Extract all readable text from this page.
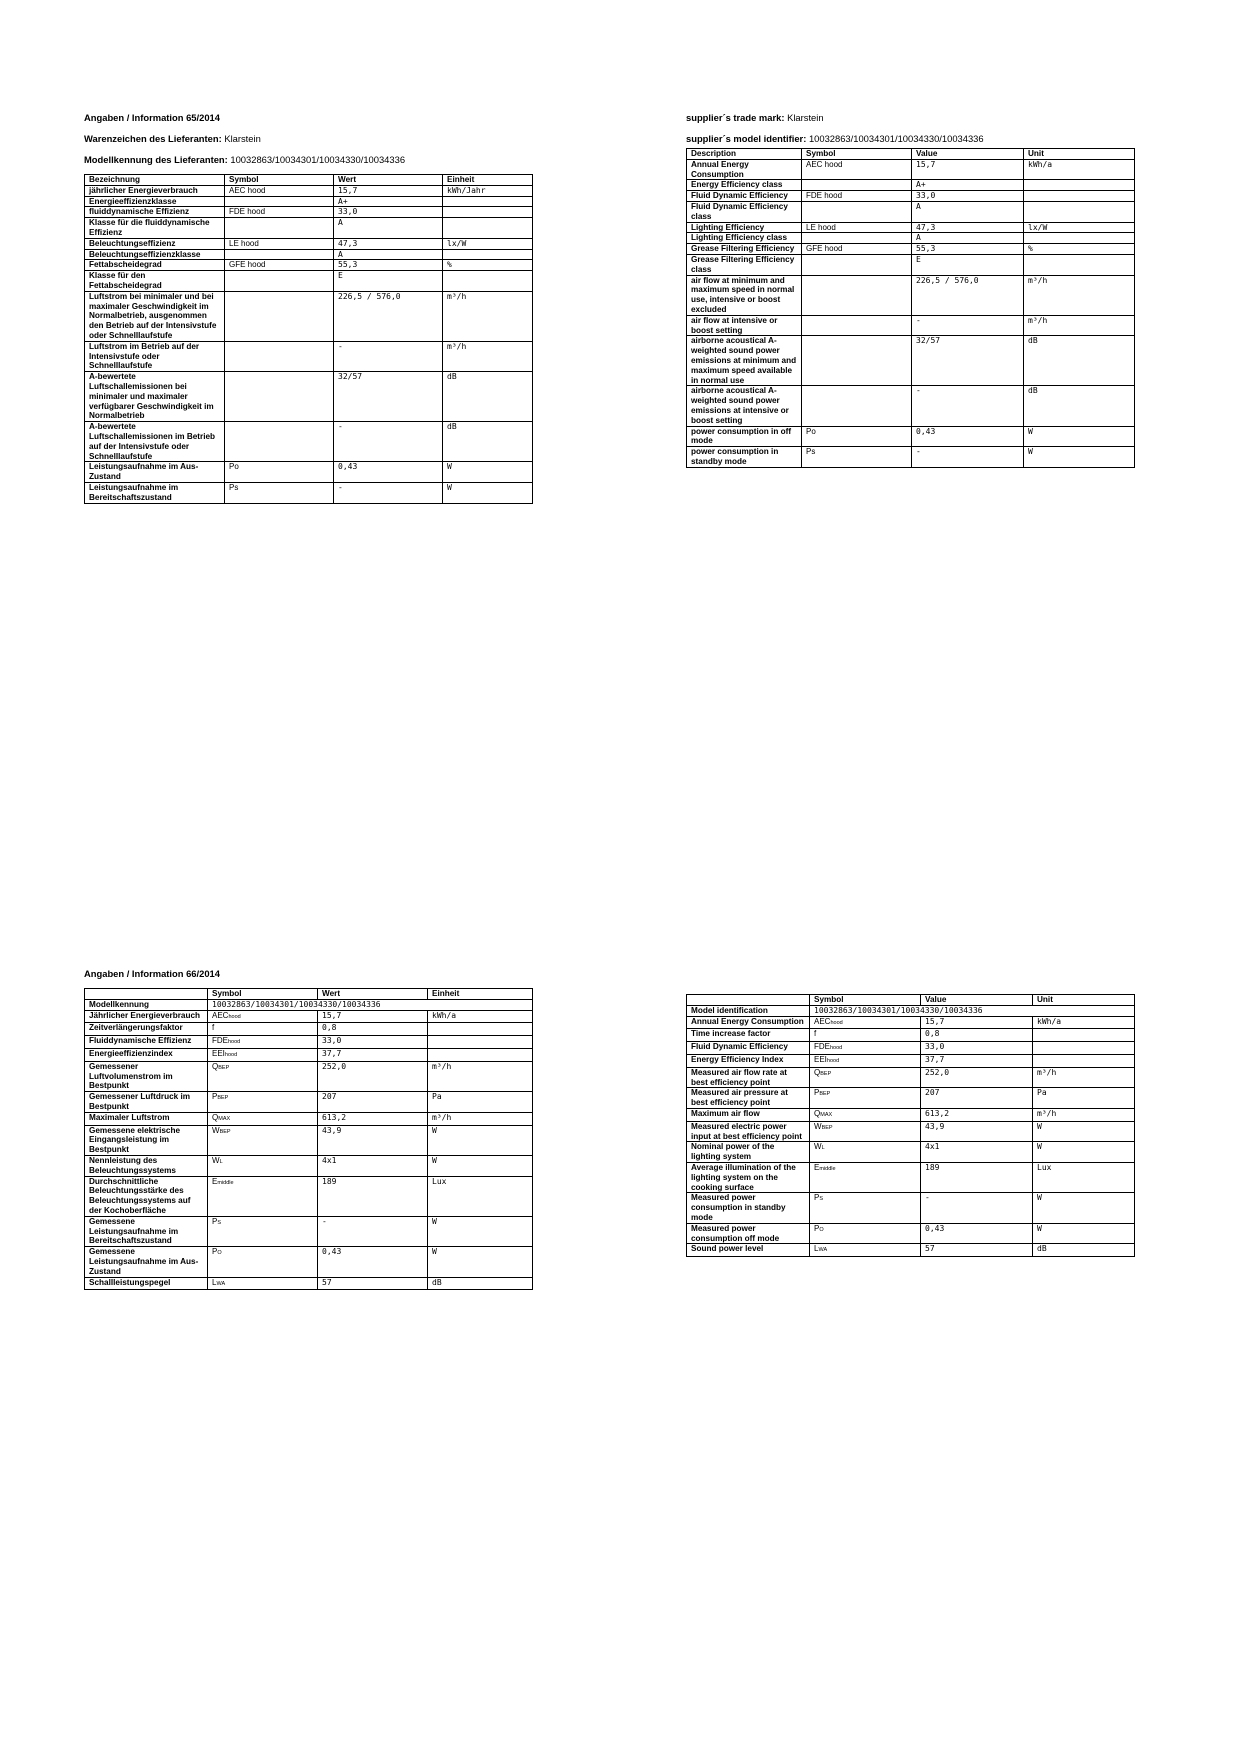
Angaben / Information 65/2014
Warenzeichen des Lieferanten: Klarstein
Modellkennung des Lieferanten: 10032863/10034301/10034330/10034336
Bezeichnung	Symbol	Wert	Einheit
jährlicher Energieverbrauch	AEC hood	15,7	kWh/Jahr
Energieeffizienzklasse		A+	
fluiddynamische Effizienz	FDE hood	33,0	
Klasse für die fluiddynamische Effizienz		A	
Beleuchtungseffizienz	LE hood	47,3	lx/W
Beleuchtungseffizienzklasse		A	
Fettabscheidegrad	GFE hood	55,3	%
Klasse für den Fettabscheidegrad		E	
Luftstrom bei minimaler und bei maximaler Geschwindigkeit im Normalbetrieb, ausgenommen den Betrieb auf der Intensivstufe oder Schnelllaufstufe		226,5 / 576,0	m³/h
Luftstrom im Betrieb auf der Intensivstufe oder Schnelllaufstufe		-	m³/h
A-bewertete Luftschallemissionen bei minimaler und maximaler verfügbarer Geschwindigkeit im Normalbetrieb		32/57	dB
A-bewertete Luftschallemissionen im Betrieb auf der Intensivstufe oder Schnelllaufstufe		-	dB
Leistungsaufnahme im Aus-Zustand	Po	0,43	W
Leistungsaufnahme im Bereitschaftszustand	Ps	-	W
supplier´s trade mark: Klarstein
supplier´s model identifier: 10032863/10034301/10034330/10034336
Description	Symbol	Value	Unit
Annual Energy Consumption	AEC hood	15,7	kWh/a
Energy Efficiency class		A+	
Fluid Dynamic Efficiency	FDE hood	33,0	
Fluid Dynamic Efficiency class		A	
Lighting Efficiency	LE hood	47,3	lx/W
Lighting Efficiency class		A	
Grease Filtering Efficiency	GFE hood	55,3	%
Grease Filtering Efficiency class		E	
air flow at minimum and maximum speed in normal use, intensive or boost excluded		226,5 / 576,0	m³/h
air flow at intensive or boost setting		-	m³/h
airborne acoustical A-weighted sound power emissions at minimum and maximum speed available in normal use		32/57	dB
airborne acoustical A-weighted sound power emissions at intensive or boost setting		-	dB
power consumption in off mode	Po	0,43	W
power consumption in standby mode	Ps	-	W
Angaben / Information 66/2014
	Symbol	Wert	Einheit
Modellkennung	10032863/10034301/10034330/10034336		
Jährlicher Energieverbrauch	AEChood	15,7	kWh/a
Zeitverlängerungsfaktor	f	0,8	
Fluiddynamische Effizienz	FDEhood	33,0	
Energieeffizienzindex	EEIhood	37,7	
Gemessener Luftvolumenstrom im Bestpunkt	QBEP	252,0	m³/h
Gemessener Luftdruck im Bestpunkt	PBEP	207	Pa
Maximaler Luftstrom	QMAX	613,2	m³/h
Gemessene elektrische Eingangsleistung im Bestpunkt	WBEP	43,9	W
Nennleistung des Beleuchtungssystems	WL	4x1	W
Durchschnittliche Beleuchtungsstärke des Beleuchtungssystems auf der Kochoberfläche	Emiddle	189	Lux
Gemessene Leistungsaufnahme im Bereitschaftszustand	PS	-	W
Gemessene Leistungsaufnahme im Aus-Zustand	PO	0,43	W
Schallleistungspegel	LWA	57	dB
	Symbol	Value	Unit
Model identification	10032863/10034301/10034330/10034336		
Annual Energy Consumption	AEChood	15,7	kWh/a
Time increase factor	f	0,8	
Fluid Dynamic Efficiency	FDEhood	33,0	
Energy Efficiency Index	EEIhood	37,7	
Measured air flow rate at best efficiency point	QBEP	252,0	m³/h
Measured air pressure at best efficiency point	PBEP	207	Pa
Maximum air flow	QMAX	613,2	m³/h
Measured electric power input at best efficiency point	WBEP	43,9	W
Nominal power of the lighting system	WL	4x1	W
Average illumination of the lighting system on the cooking surface	Emiddle	189	Lux
Measured power consumption in standby mode	PS	-	W
Measured power consumption off mode	PO	0,43	W
Sound power level	LWA	57	dB
